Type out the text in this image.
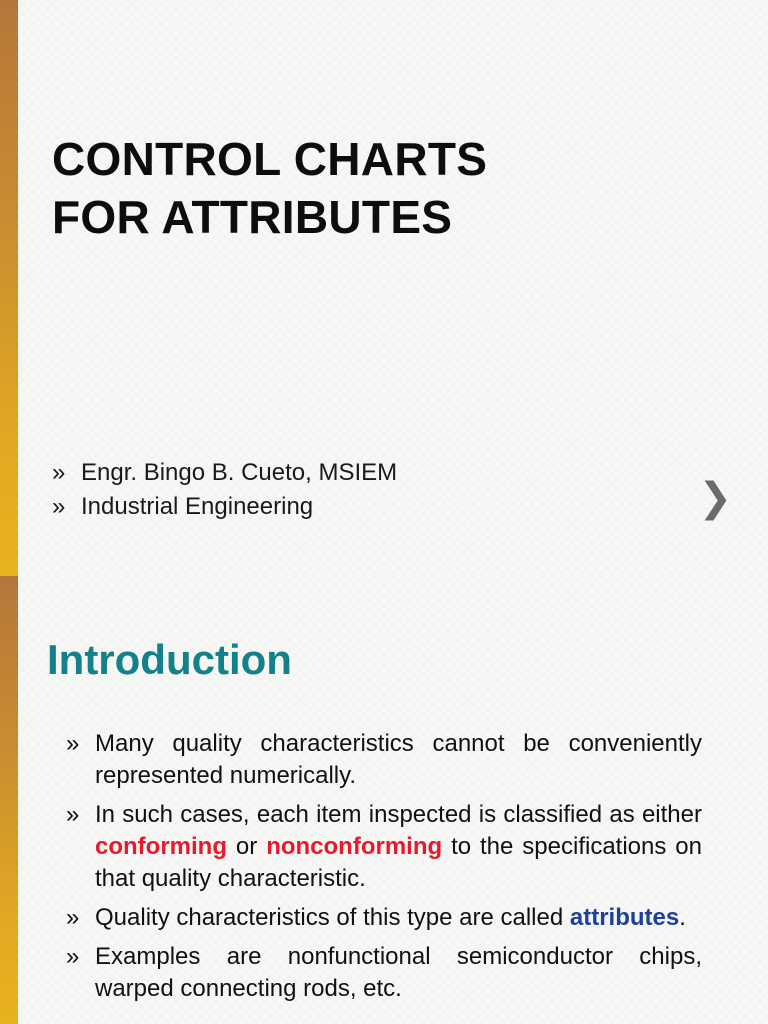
CONTROL CHARTS
FOR ATTRIBUTES
» Engr. Bingo B. Cueto, MSIEM
» Industrial Engineering	❯
Introduction
» Many quality characteristics cannot be conveniently represented numerically.
» In such cases, each item inspected is classified as either conforming or nonconforming to the specifications on that quality characteristic.
» Quality characteristics of this type are called attributes.
» Examples are nonfunctional semiconductor chips, warped connecting rods, etc.
